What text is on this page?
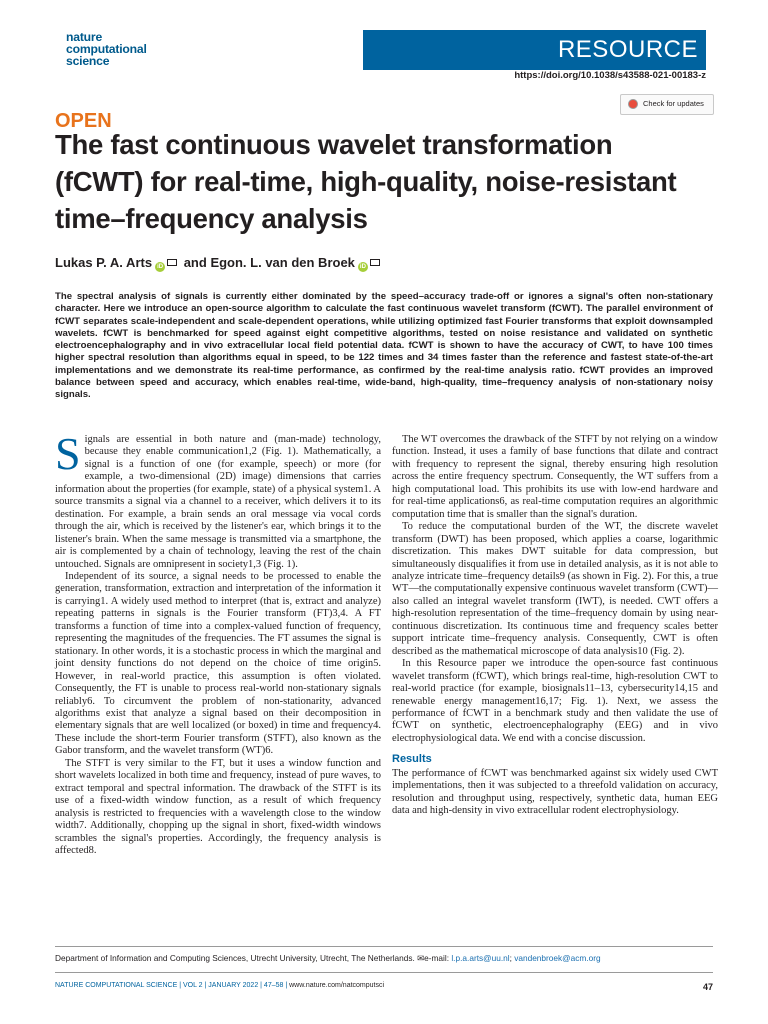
nature
computational
science	RESOURCE
https://doi.org/10.1038/s43588-021-00183-z
Check for updates
OPEN
The fast continuous wavelet transformation
(fCWT) for real-time, high-quality, noise-resistant
time–frequency analysis
Lukas P. A. Arts iD and Egon. L. van den Broek iD
The spectral analysis of signals is currently either dominated by the speed–accuracy trade-off or ignores a signal's often non-stationary character. Here we introduce an open-source algorithm to calculate the fast continuous wavelet transform (fCWT). The parallel environment of fCWT separates scale-independent and scale-dependent operations, while utilizing optimized fast Fourier transforms that exploit downsampled wavelets. fCWT is benchmarked for speed against eight competitive algorithms, tested on noise resistance and validated on synthetic electroencephalography and in vivo extracellular local field potential data. fCWT is shown to have the accuracy of CWT, to have 100 times higher spectral resolution than algorithms equal in speed, to be 122 times and 34 times faster than the reference and fastest state-of-the-art implementations and we demonstrate its real-time performance, as confirmed by the real-time analysis ratio. fCWT provides an improved balance between speed and accuracy, which enables real-time, wide-band, high-quality, time–frequency analysis of non-stationary noisy signals.

Signals are essential in both nature and (man-made) technology, because they enable communication1,2 (Fig. 1). Mathematically, a signal is a function of one (for example, speech) or more (for example, a two-dimensional (2D) image) dimensions that carries information about the properties (for example, state) of a physical system1. A source transmits a signal via a channel to a receiver, which delivers it to its destination. For example, a brain sends an oral message via vocal cords through the air, which is received by the listener's ear, which brings it to the listener's brain. When the same message is transmitted via a smartphone, the air is complemented by a chain of technology, leaving the rest of the chain untouched. Signals are omnipresent in society1,3 (Fig. 1).

Independent of its source, a signal needs to be processed to enable the generation, transformation, extraction and interpretation of the information it is carrying1. A widely used method to interpret (that is, extract and analyze) repeating patterns in signals is the Fourier transform (FT)3,4. A FT transforms a function of time into a complex-valued function of frequency, representing the magnitudes of the frequencies. The FT assumes the signal is stationary. In other words, it is a stochastic process in which the marginal and joint density functions do not depend on the choice of time origin5. However, in real-world practice, this assumption is often violated. Consequently, the FT is unable to process real-world non-stationary signals reliably6. To circumvent the problem of non-stationarity, advanced algorithms exist that analyze a signal based on their decomposition in elementary signals that are well localized (or boxed) in time and frequency4. These include the short-term Fourier transform (STFT), also known as the Gabor transform, and the wavelet transform (WT)6.

The STFT is very similar to the FT, but it uses a window function and short wavelets localized in both time and frequency, instead of pure waves, to extract temporal and spectral information. The drawback of the STFT is its use of a fixed-width window function, as a result of which frequency analysis is restricted to frequencies with a wavelength close to the window width7. Additionally, chopping up the signal in short, fixed-width windows scrambles the signal's properties. Accordingly, the frequency analysis is affected8.

The WT overcomes the drawback of the STFT by not relying on a window function. Instead, it uses a family of base functions that dilate and contract with frequency to represent the signal, thereby ensuring high resolution across the entire frequency spectrum. Consequently, the WT suffers from a high computational load. This prohibits its use with low-end hardware and for real-time applications6, as real-time computation requires an algorithmic computation time that is smaller than the signal's duration.

To reduce the computational burden of the WT, the discrete wavelet transform (DWT) has been proposed, which applies a coarse, logarithmic discretization. This makes DWT suitable for data compression, but simultaneously disqualifies it from use in detailed analysis, as it is not able to analyze intricate time–frequency details9 (as shown in Fig. 2). For this, a true WT—the computationally expensive continuous wavelet transform (CWT)—also called an integral wavelet transform (IWT), is needed. CWT offers a high-resolution representation of the time–frequency domain by using near-continuous discretization. Its continuous time and frequency scales better support intricate time–frequency analysis. Consequently, CWT is often described as the mathematical microscope of data analysis10 (Fig. 2).

In this Resource paper we introduce the open-source fast continuous wavelet transform (fCWT), which brings real-time, high-resolution CWT to real-world practice (for example, biosignals11–13, cybersecurity14,15 and renewable energy management16,17; Fig. 1). Next, we assess the performance of fCWT in a benchmark study and then validate the use of fCWT on synthetic, electroencephalography (EEG) and in vivo electrophysiological data. We end with a concise discussion.

Results

The performance of fCWT was benchmarked against six widely used CWT implementations, then it was subjected to a threefold validation on accuracy, resolution and throughput using, respectively, synthetic data, human EEG data and high-density in vivo extracellular rodent electrophysiology.

Department of Information and Computing Sciences, Utrecht University, Utrecht, The Netherlands. ✉e-mail: l.p.a.arts@uu.nl; vandenbroek@acm.org
NATURE COMPUTATIONAL SCIENCE | VOL 2 | JANUARY 2022 | 47–58 | www.nature.com/natcomputsci	47
